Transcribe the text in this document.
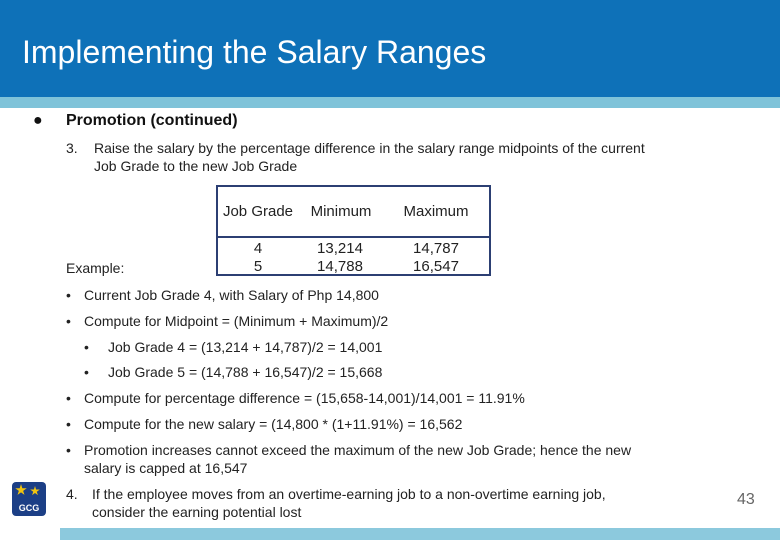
Implementing the Salary Ranges
● Promotion (continued)
3. Raise the salary by the percentage difference in the salary range midpoints of the current
Job Grade to the new Job Grade
Job Grade	Minimum	Maximum
4	13,214	14,787
5	14,788	16,547
Example:
• Current Job Grade 4, with Salary of Php 14,800
• Compute for Midpoint = (Minimum + Maximum)/2
• Job Grade 4 = (13,214 + 14,787)/2 = 14,001
• Job Grade 5 = (14,788 + 16,547)/2 = 15,668
• Compute for percentage difference = (15,658-14,001)/14,001 = 11.91%
• Compute for the new salary = (14,800 * (1+11.91%) = 16,562
• Promotion increases cannot exceed the maximum of the new Job Grade; hence the new
salary is capped at 16,547
4. If the employee moves from an overtime-earning job to a non-overtime earning job,
consider the earning potential lost
GCG	43
